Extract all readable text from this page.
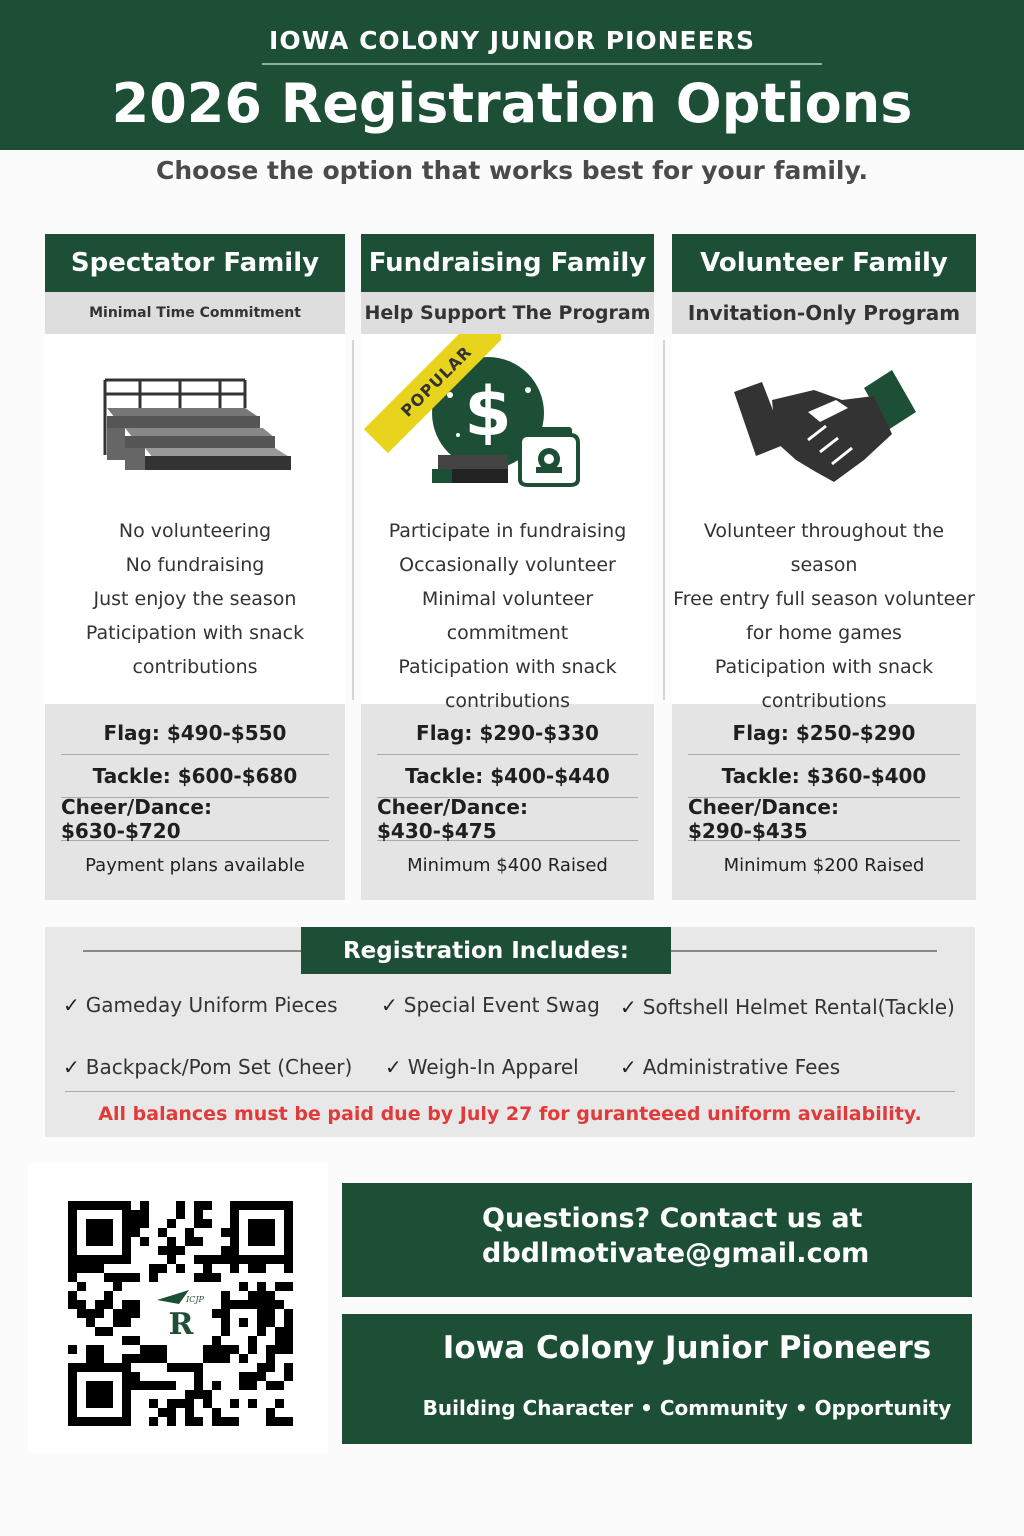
IOWA COLONY JUNIOR PIONEERS
2026 Registration Options
Choose the option that works best for your family.
Spectator Family
Minimal Time Commitment
No volunteering
No fundraising
Just enjoy the season
Paticipation with snack
contributions
Flag: $490-$550
Tackle: $600-$680
Cheer/Dance: $630-$720
Payment plans available
Fundraising Family
Help Support The Program
POPULAR
$
Participate in fundraising
Occasionally volunteer
Minimal volunteer commitment
Paticipation with snack
contributions
Flag: $290-$330
Tackle: $400-$440
Cheer/Dance: $430-$475
Minimum $400 Raised
Volunteer Family
Invitation-Only Program
Volunteer throughout the season
Free entry full season volunteer
for home games
Paticipation with snack
contributions
Flag: $250-$290
Tackle: $360-$400
Cheer/Dance: $290-$435
Minimum $200 Raised
Registration Includes:
✓ Gameday Uniform Pieces ✓ Special Event Swag ✓ Softshell Helmet Rental(Tackle)
✓ Backpack/Pom Set (Cheer) ✓ Weigh-In Apparel ✓ Administrative Fees
All balances must be paid due by July 27 for guranteeed uniform availability.
R
ICJP
Questions? Contact us at
dbdlmotivate@gmail.com
Iowa Colony Junior Pioneers
Building Character • Community • Opportunity
